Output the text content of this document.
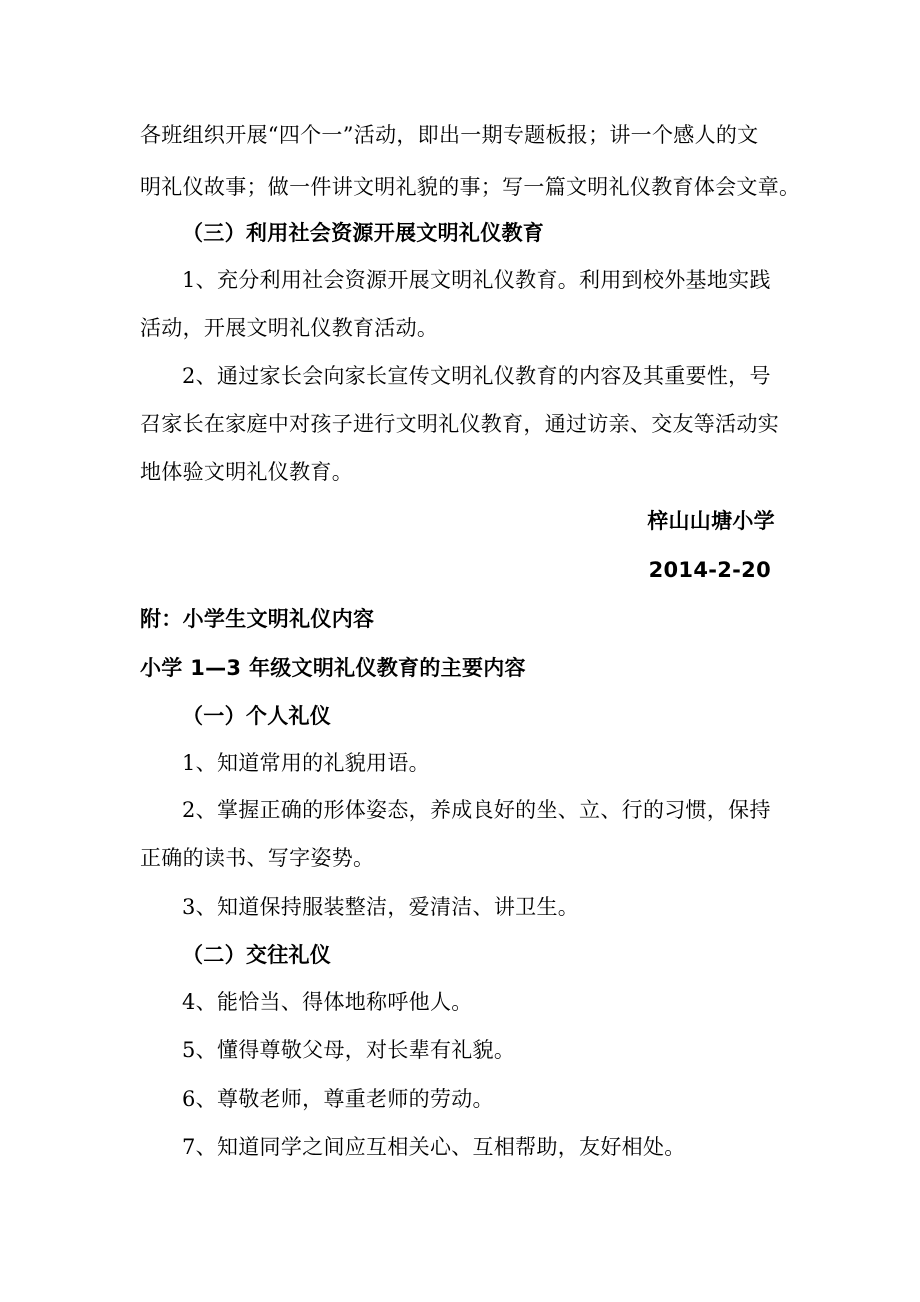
各班组织开展“四个一”活动，即出一期专题板报；讲一个感人的文
明礼仪故事；做一件讲文明礼貌的事；写一篇文明礼仪教育体会文章。
（三）利用社会资源开展文明礼仪教育
1、充分利用社会资源开展文明礼仪教育。利用到校外基地实践
活动，开展文明礼仪教育活动。
2、通过家长会向家长宣传文明礼仪教育的内容及其重要性，号
召家长在家庭中对孩子进行文明礼仪教育，通过访亲、交友等活动实
地体验文明礼仪教育。
梓山山塘小学
2014-2-20
附：小学生文明礼仪内容
小学 1—3 年级文明礼仪教育的主要内容
（一）个人礼仪
1、知道常用的礼貌用语。
2、掌握正确的形体姿态，养成良好的坐、立、行的习惯，保持
正确的读书、写字姿势。
3、知道保持服装整洁，爱清洁、讲卫生。
（二）交往礼仪
4、能恰当、得体地称呼他人。
5、懂得尊敬父母，对长辈有礼貌。
6、尊敬老师，尊重老师的劳动。
7、知道同学之间应互相关心、互相帮助，友好相处。
